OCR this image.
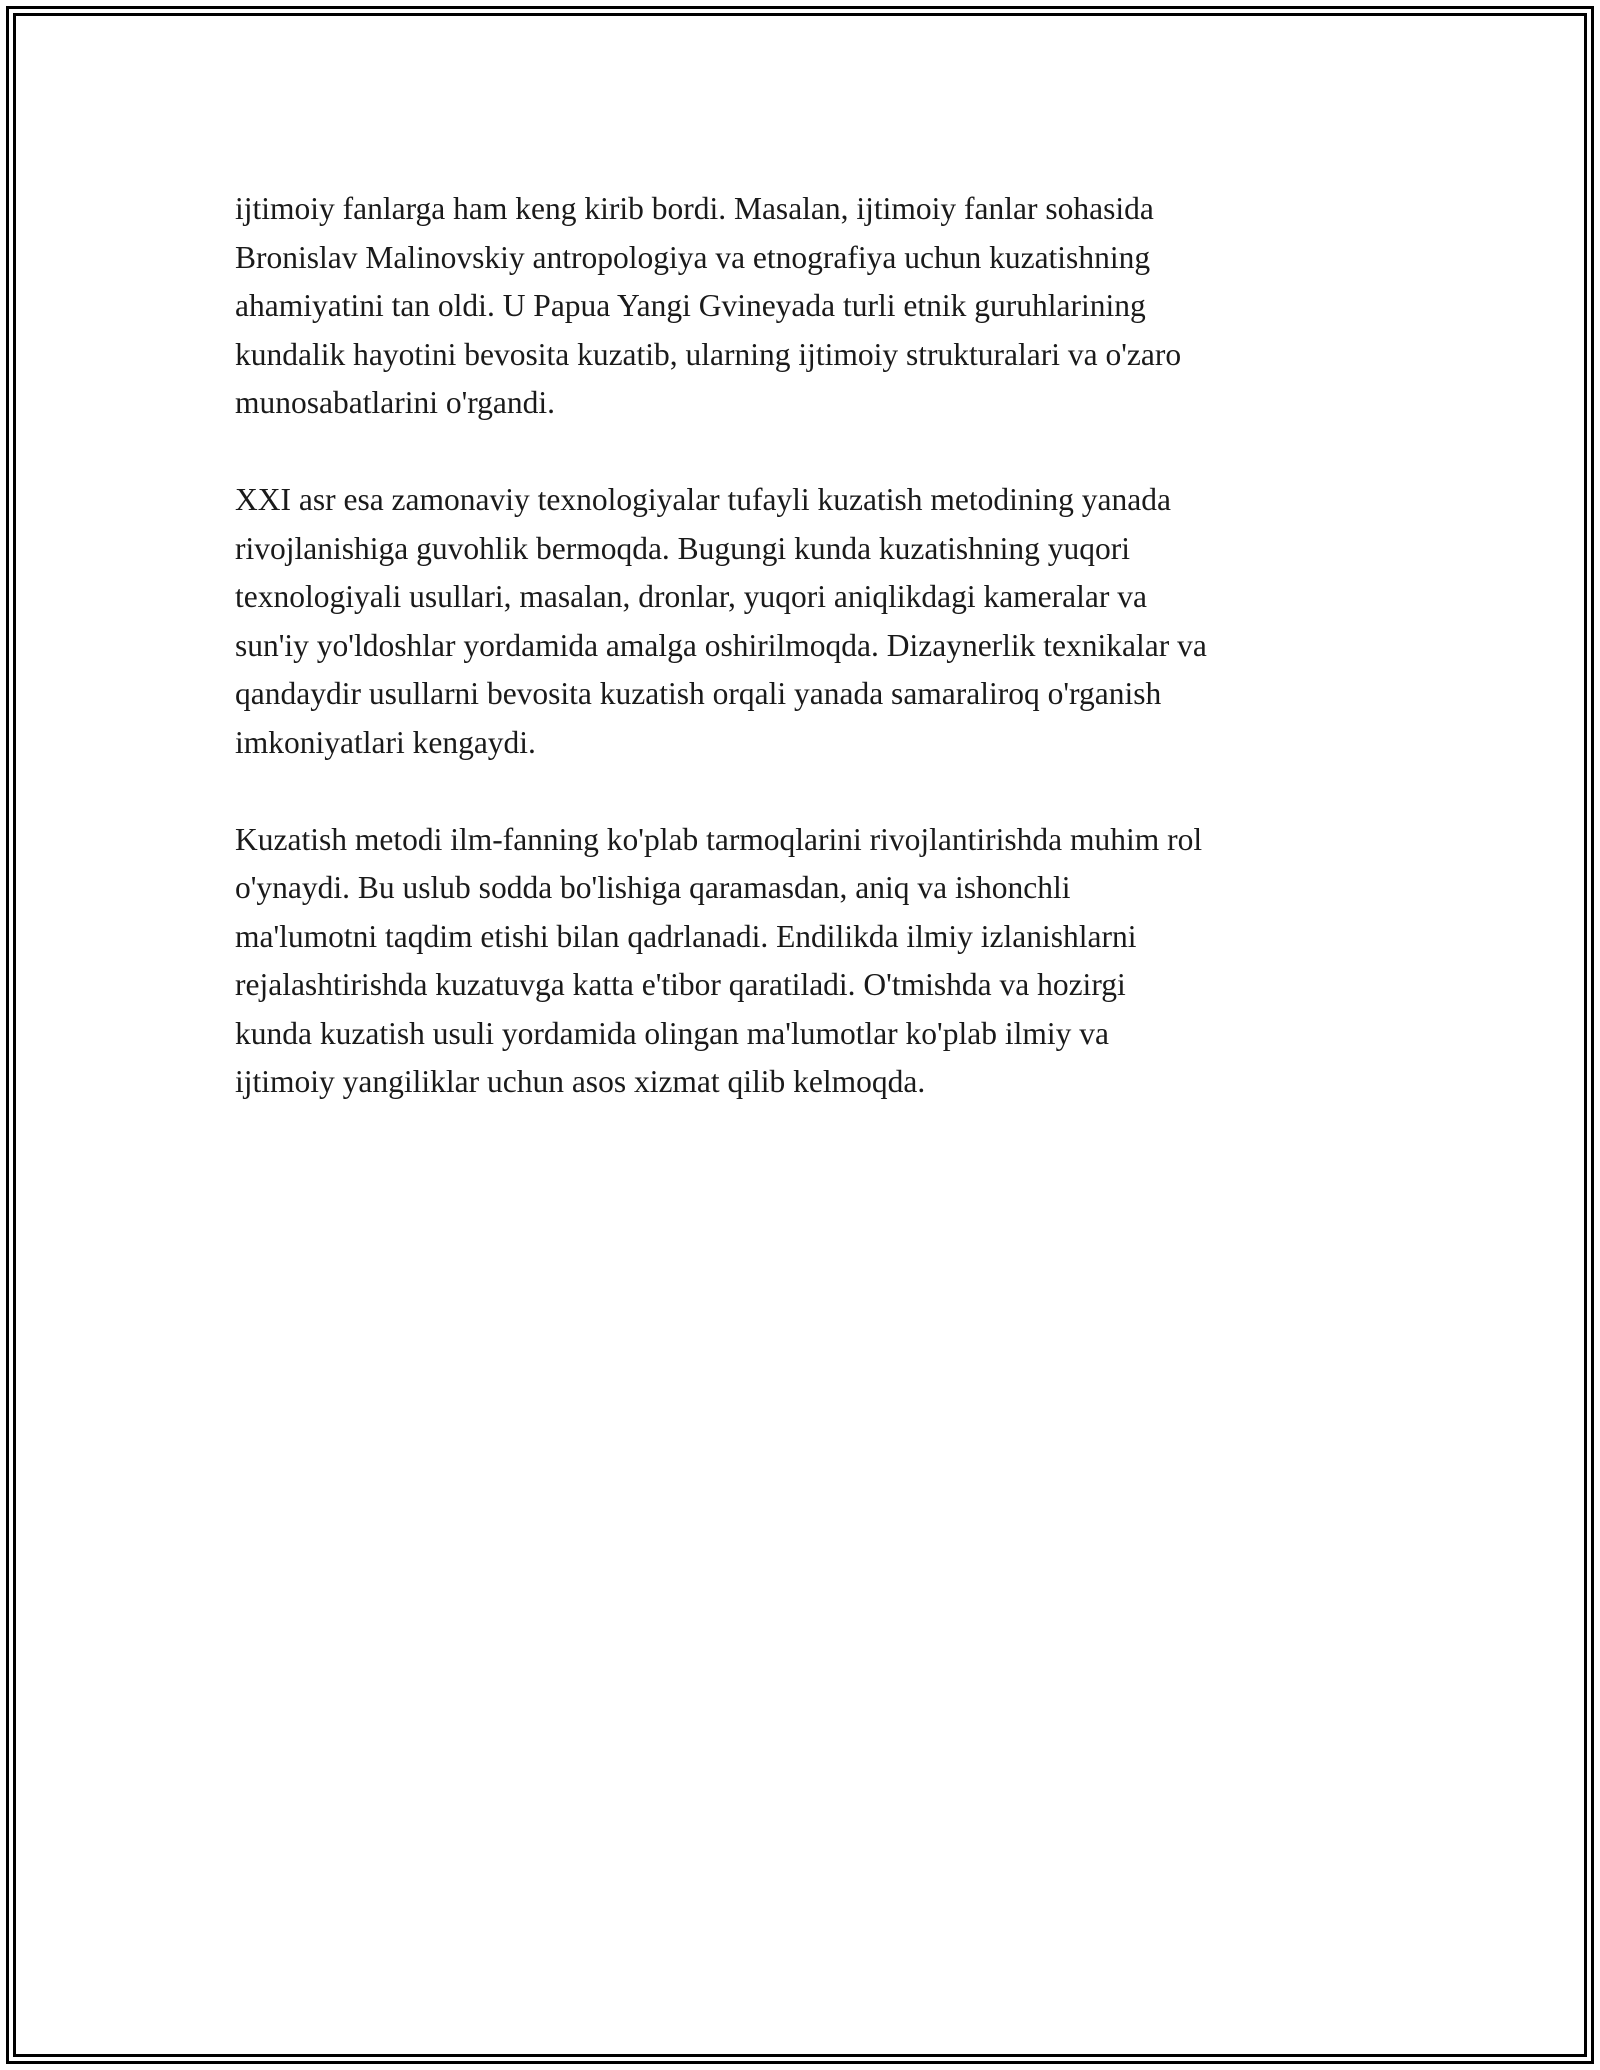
ijtimoiy fanlarga ham keng kirib bordi. Masalan, ijtimoiy fanlar sohasida
Bronislav Malinovskiy antropologiya va etnografiya uchun kuzatishning
ahamiyatini tan oldi. U Papua Yangi Gvineyada turli etnik guruhlarining
kundalik hayotini bevosita kuzatib, ularning ijtimoiy strukturalari va o'zaro
munosabatlarini o'rgandi.

XXI asr esa zamonaviy texnologiyalar tufayli kuzatish metodining yanada
rivojlanishiga guvohlik bermoqda. Bugungi kunda kuzatishning yuqori
texnologiyali usullari, masalan, dronlar, yuqori aniqlikdagi kameralar va
sun'iy yo'ldoshlar yordamida amalga oshirilmoqda. Dizaynerlik texnikalar va
qandaydir usullarni bevosita kuzatish orqali yanada samaraliroq o'rganish
imkoniyatlari kengaydi.

Kuzatish metodi ilm-fanning ko'plab tarmoqlarini rivojlantirishda muhim rol
o'ynaydi. Bu uslub sodda bo'lishiga qaramasdan, aniq va ishonchli
ma'lumotni taqdim etishi bilan qadrlanadi. Endilikda ilmiy izlanishlarni
rejalashtirishda kuzatuvga katta e'tibor qaratiladi. O'tmishda va hozirgi
kunda kuzatish usuli yordamida olingan ma'lumotlar ko'plab ilmiy va
ijtimoiy yangiliklar uchun asos xizmat qilib kelmoqda.
